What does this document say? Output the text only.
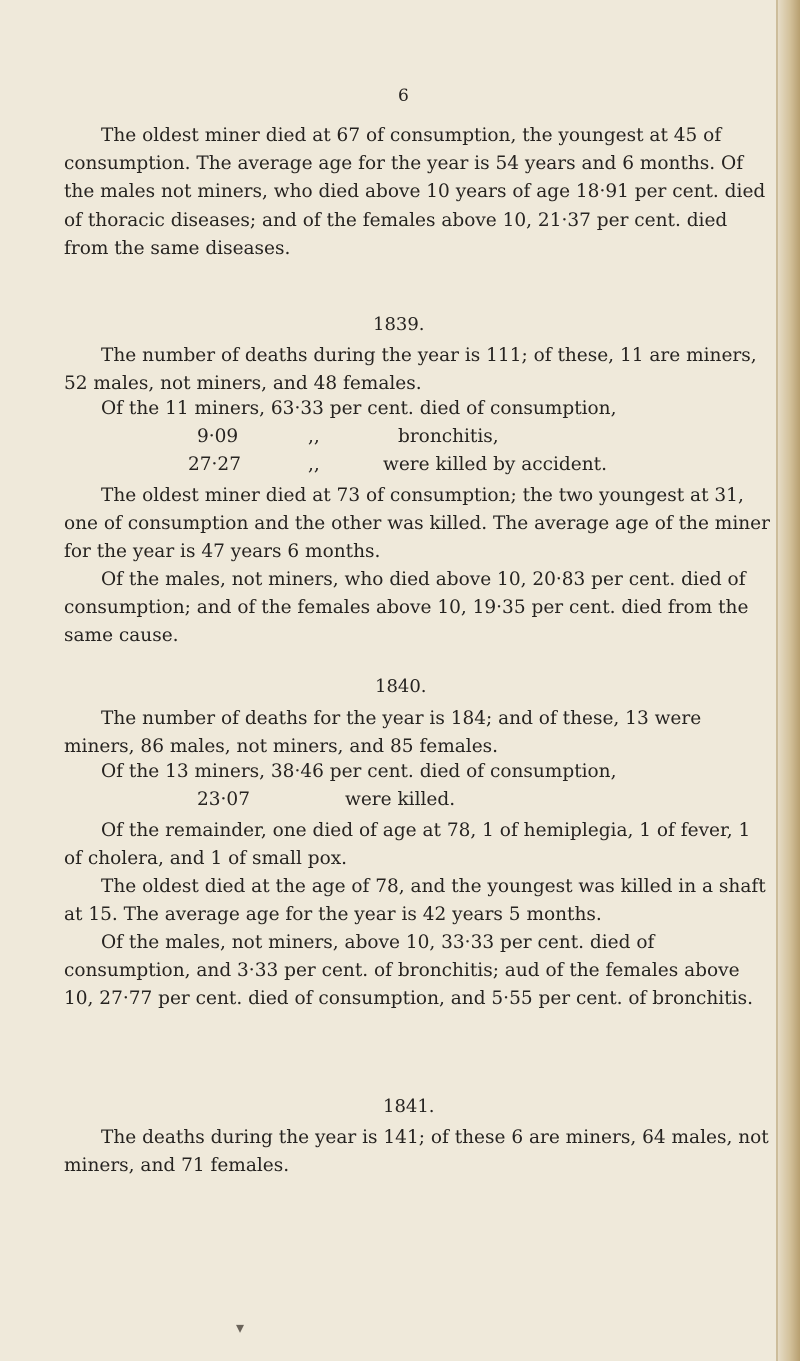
6

The oldest miner died at 67 of consumption, the youngest at 45 of consumption. The average age for the year is 54 years and 6 months. Of the males not miners, who died above 10 years of age 18·91 per cent. died of thoracic diseases; and of the females above 10, 21·37 per cent. died from the same diseases.

1839.

The number of deaths during the year is 111; of these, 11 are miners, 52 males, not miners, and 48 females.

Of the 11 miners, 63·33 per cent. died of consumption,
9·09	,,	bronchitis,
27·27	,,	were killed by accident.

The oldest miner died at 73 of consumption; the two youngest at 31, one of consumption and the other was killed. The average age of the miner for the year is 47 years 6 months.

Of the males, not miners, who died above 10, 20·83 per cent. died of consumption; and of the females above 10, 19·35 per cent. died from the same cause.

1840.

The number of deaths for the year is 184; and of these, 13 were miners, 86 males, not miners, and 85 females.

Of the 13 miners, 38·46 per cent. died of consumption,
23·07	were killed.

Of the remainder, one died of age at 78, 1 of hemiplegia, 1 of fever, 1 of cholera, and 1 of small pox.

The oldest died at the age of 78, and the youngest was killed in a shaft at 15. The average age for the year is 42 years 5 months.

Of the males, not miners, above 10, 33·33 per cent. died of consumption, and 3·33 per cent. of bronchitis; aud of the females above 10, 27·77 per cent. died of consumption, and 5·55 per cent. of bronchitis.

1841.

The deaths during the year is 141; of these 6 are miners, 64 males, not miners, and 71 females.

▾
